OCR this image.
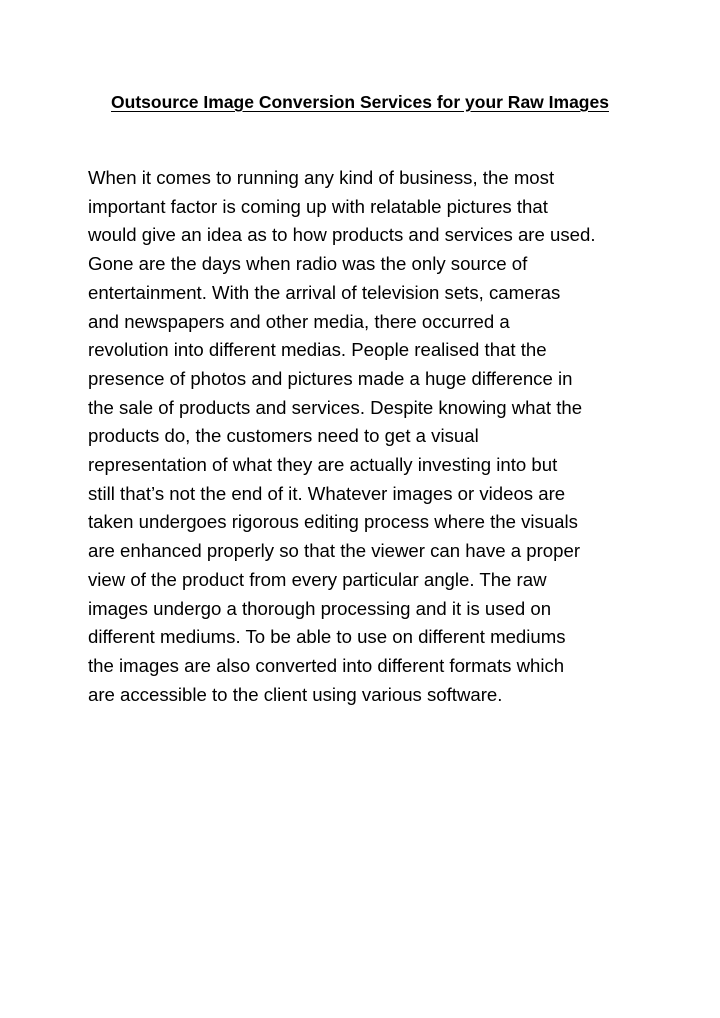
Outsource Image Conversion Services for your Raw Images

When it comes to running any kind of business, the most
important factor is coming up with relatable pictures that
would give an idea as to how products and services are used.
Gone are the days when radio was the only source of
entertainment. With the arrival of television sets, cameras
and newspapers and other media, there occurred a
revolution into different medias. People realised that the
presence of photos and pictures made a huge difference in
the sale of products and services. Despite knowing what the
products do, the customers need to get a visual
representation of what they are actually investing into but
still that’s not the end of it. Whatever images or videos are
taken undergoes rigorous editing process where the visuals
are enhanced properly so that the viewer can have a proper
view of the product from every particular angle. The raw
images undergo a thorough processing and it is used on
different mediums. To be able to use on different mediums
the images are also converted into different formats which
are accessible to the client using various software.
